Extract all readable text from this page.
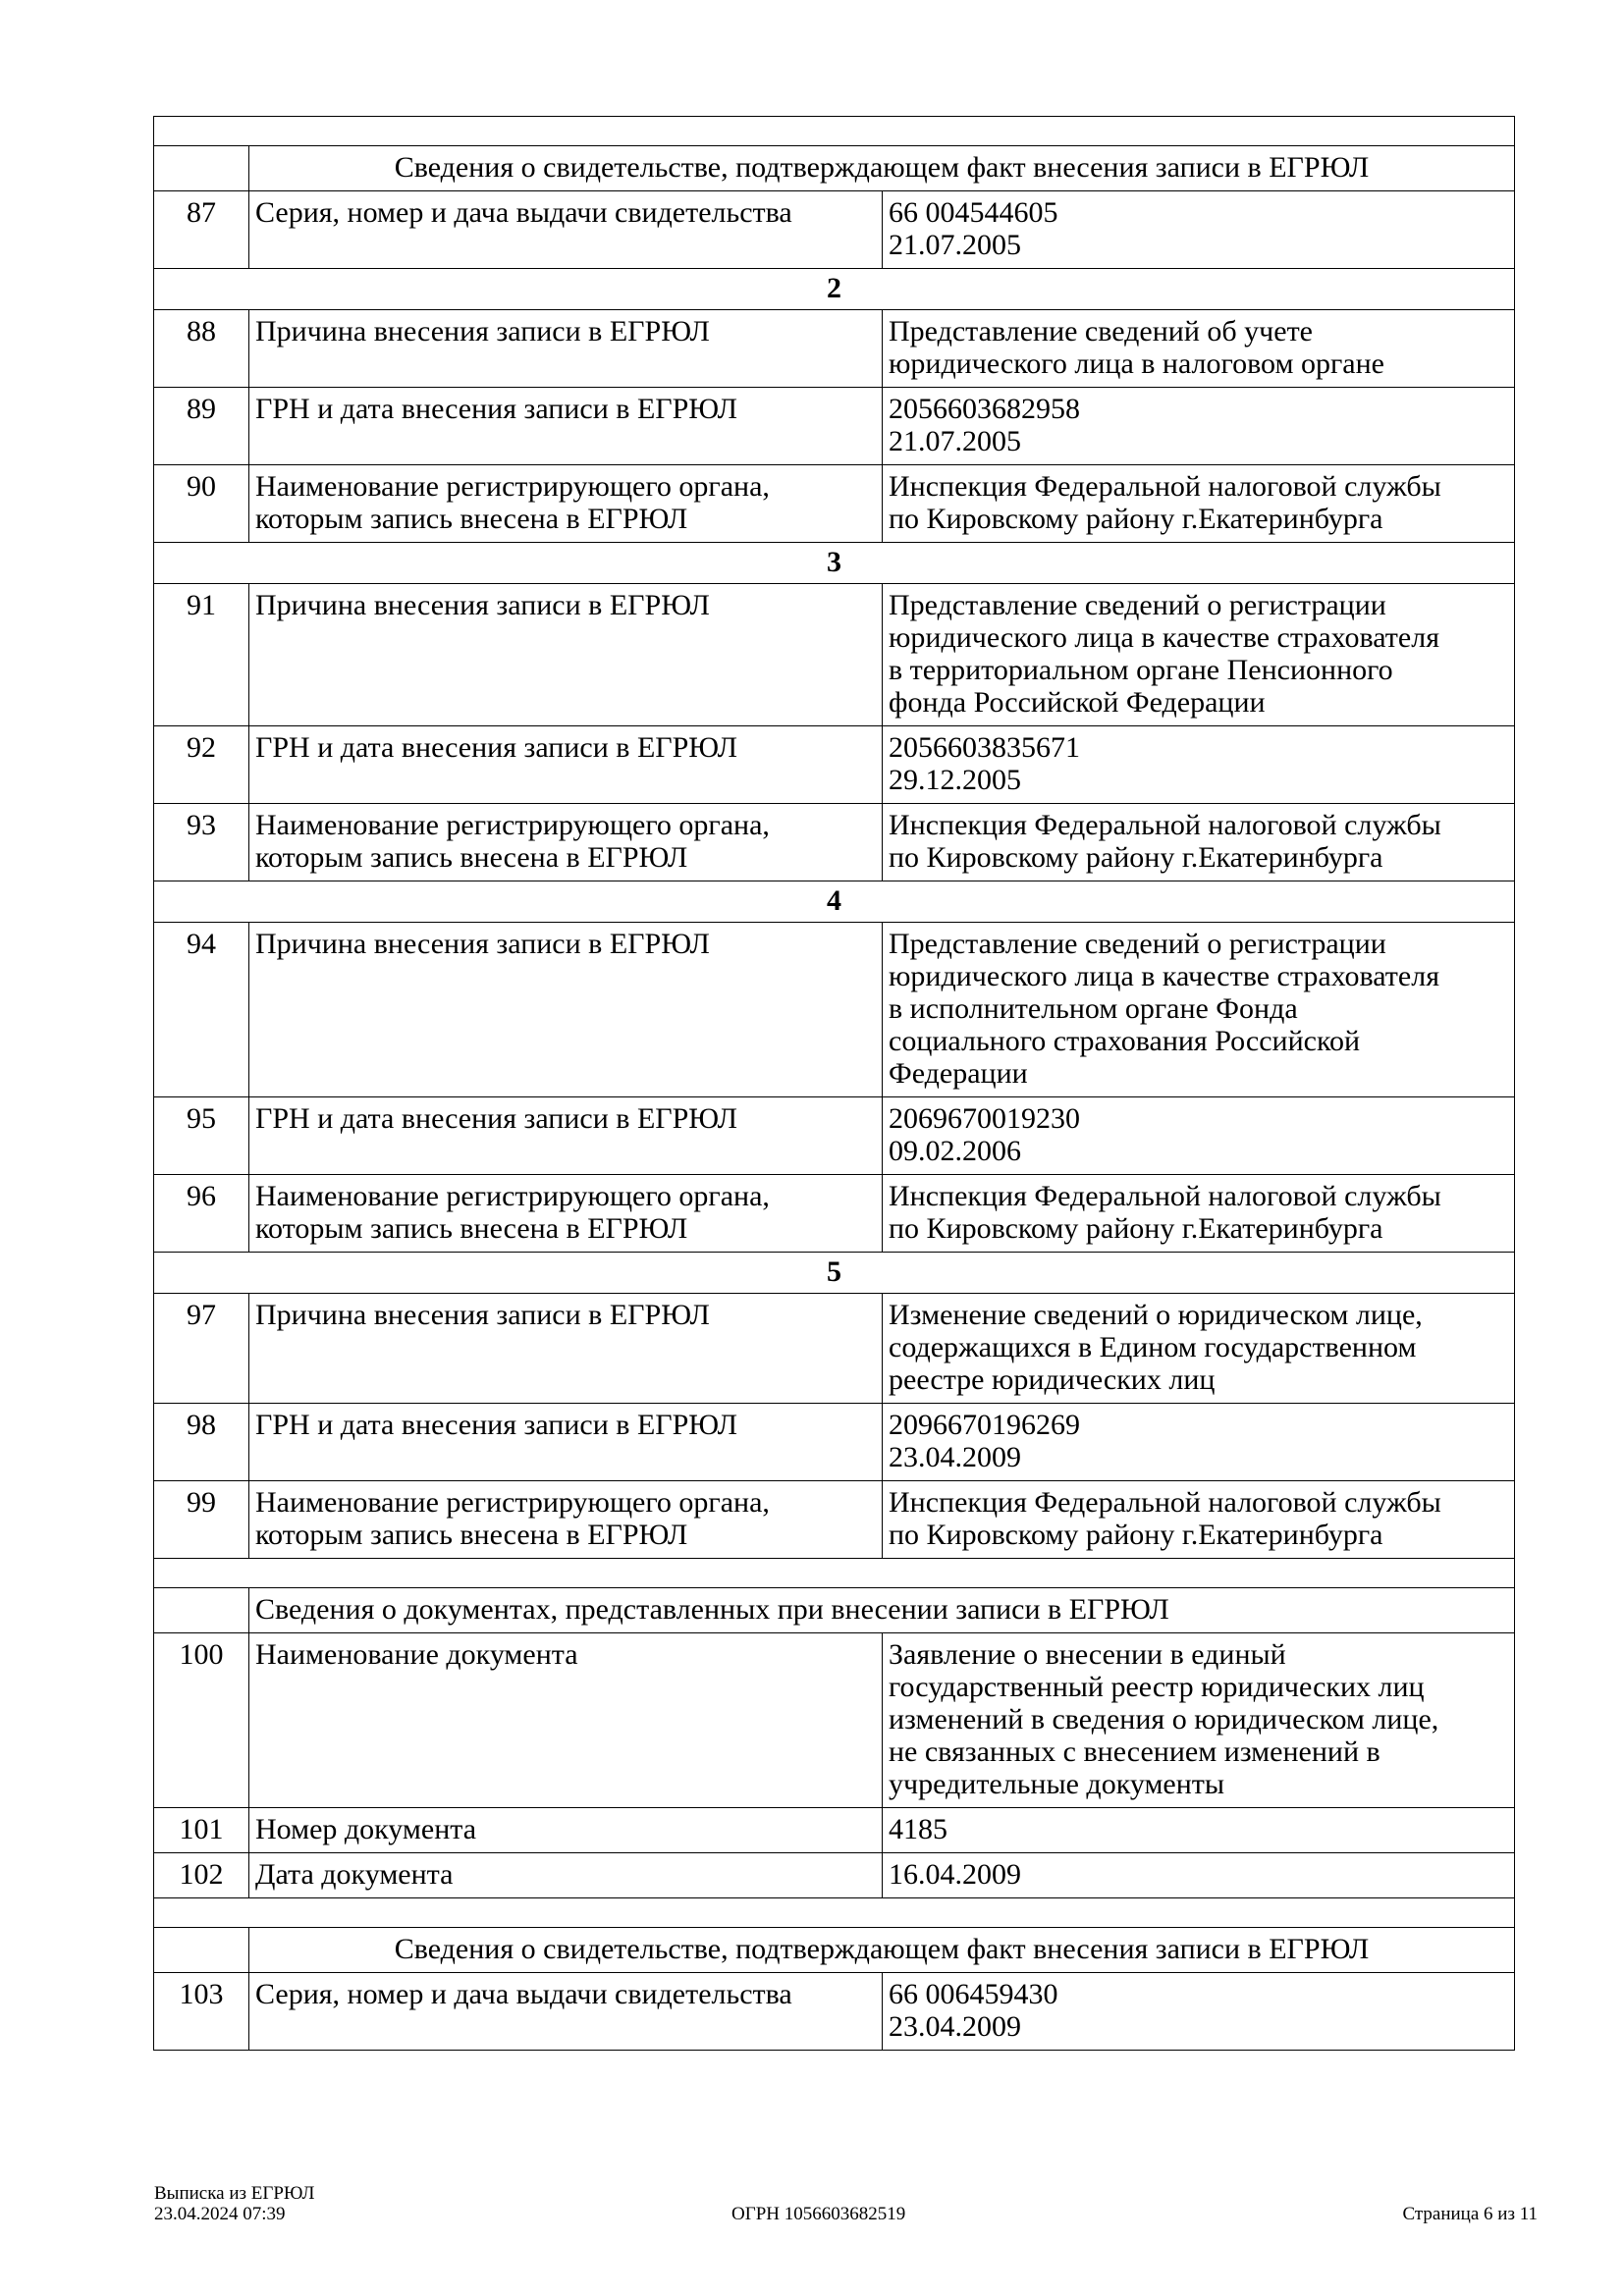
	Сведения о свидетельстве, подтверждающем факт внесения записи в ЕГРЮЛ	
87	Серия, номер и дача выдачи свидетельства	66 004544605
21.07.2005
2		
88	Причина внесения записи в ЕГРЮЛ	Представление сведений об учете
юридического лица в налоговом органе
89	ГРН и дата внесения записи в ЕГРЮЛ	2056603682958
21.07.2005
90	Наименование регистрирующего органа,
которым запись внесена в ЕГРЮЛ	Инспекция Федеральной налоговой службы
по Кировскому району г.Екатеринбурга
3		
91	Причина внесения записи в ЕГРЮЛ	Представление сведений о регистрации
юридического лица в качестве страхователя
в территориальном органе Пенсионного
фонда Российской Федерации
92	ГРН и дата внесения записи в ЕГРЮЛ	2056603835671
29.12.2005
93	Наименование регистрирующего органа,
которым запись внесена в ЕГРЮЛ	Инспекция Федеральной налоговой службы
по Кировскому району г.Екатеринбурга
4		
94	Причина внесения записи в ЕГРЮЛ	Представление сведений о регистрации
юридического лица в качестве страхователя
в исполнительном органе Фонда
социального страхования Российской
Федерации
95	ГРН и дата внесения записи в ЕГРЮЛ	2069670019230
09.02.2006
96	Наименование регистрирующего органа,
которым запись внесена в ЕГРЮЛ	Инспекция Федеральной налоговой службы
по Кировскому району г.Екатеринбурга
5		
97	Причина внесения записи в ЕГРЮЛ	Изменение сведений о юридическом лице,
содержащихся в Едином государственном
реестре юридических лиц
98	ГРН и дата внесения записи в ЕГРЮЛ	2096670196269
23.04.2009
99	Наименование регистрирующего органа,
которым запись внесена в ЕГРЮЛ	Инспекция Федеральной налоговой службы
по Кировскому району г.Екатеринбурга

	Сведения о документах, представленных при внесении записи в ЕГРЮЛ	
100	Наименование документа	Заявление о внесении в единый
государственный реестр юридических лиц
изменений в сведения о юридическом лице,
не связанных с внесением изменений в
учредительные документы
101	Номер документа	4185
102	Дата документа	16.04.2009

	Сведения о свидетельстве, подтверждающем факт внесения записи в ЕГРЮЛ	
103	Серия, номер и дача выдачи свидетельства	66 006459430
23.04.2009
Выписка из ЕГРЮЛ
23.04.2024 07:39	ОГРН 1056603682519	Страница 6 из 11
